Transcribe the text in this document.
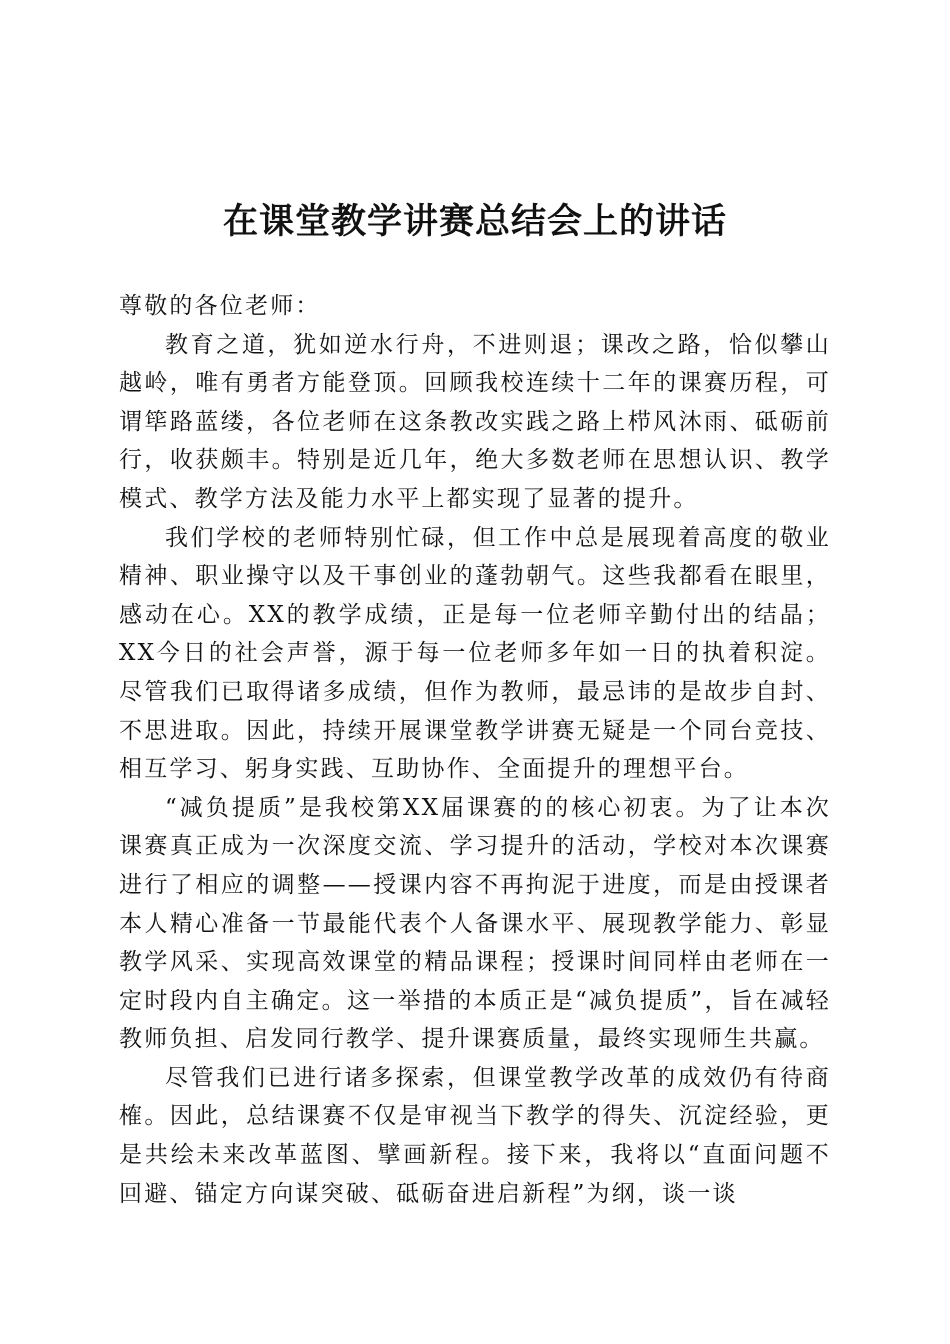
在课堂教学讲赛总结会上的讲话

尊敬的各位老师：

教育之道，犹如逆水行舟，不进则退；课改之路，恰似攀山越岭，唯有勇者方能登顶。回顾我校连续十二年的课赛历程，可谓筚路蓝缕，各位老师在这条教改实践之路上栉风沐雨、砥砺前行，收获颇丰。特别是近几年，绝大多数老师在思想认识、教学模式、教学方法及能力水平上都实现了显著的提升。

我们学校的老师特别忙碌，但工作中总是展现着高度的敬业精神、职业操守以及干事创业的蓬勃朝气。这些我都看在眼里，感动在心。XX的教学成绩，正是每一位老师辛勤付出的结晶；XX今日的社会声誉，源于每一位老师多年如一日的执着积淀。尽管我们已取得诸多成绩，但作为教师，最忌讳的是故步自封、不思进取。因此，持续开展课堂教学讲赛无疑是一个同台竞技、相互学习、躬身实践、互助协作、全面提升的理想平台。

“减负提质”是我校第XX届课赛的的核心初衷。为了让本次课赛真正成为一次深度交流、学习提升的活动，学校对本次课赛进行了相应的调整——授课内容不再拘泥于进度，而是由授课者本人精心准备一节最能代表个人备课水平、展现教学能力、彰显教学风采、实现高效课堂的精品课程；授课时间同样由老师在一定时段内自主确定。这一举措的本质正是“减负提质”，旨在减轻教师负担、启发同行教学、提升课赛质量，最终实现师生共赢。

尽管我们已进行诸多探索，但课堂教学改革的成效仍有待商榷。因此，总结课赛不仅是审视当下教学的得失、沉淀经验，更是共绘未来改革蓝图、擘画新程。接下来，我将以“直面问题不回避、锚定方向谋突破、砥砺奋进启新程”为纲，谈一谈
